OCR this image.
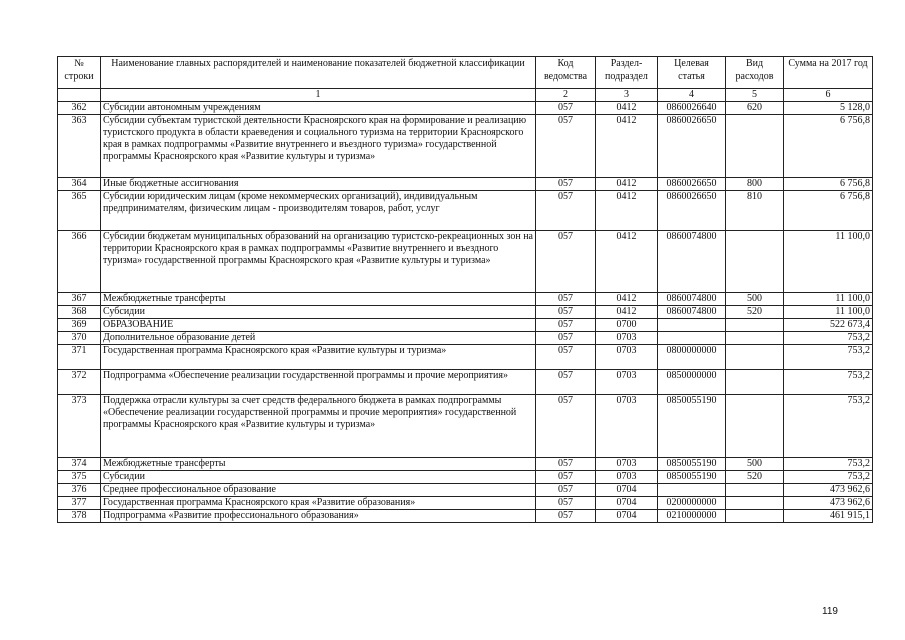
№ строки	Наименование главных распорядителей и наименование показателей бюджетной классификации	Код ведомства	Раздел- подраздел	Целевая статья	Вид расходов	Сумма на 2017 год
	1	2	3	4	5	6
362	Субсидии автономным учреждениям	057	0412	0860026640	620	5 128,0
363	Субсидии субъектам туристской деятельности Красноярского края на формирование и реализацию туристского продукта в области краеведения и социального туризма на территории Красноярского края в рамках подпрограммы «Развитие внутреннего и въездного туризма» государственной программы Красноярского края «Развитие культуры и туризма»	057	0412	0860026650		6 756,8
364	Иные бюджетные ассигнования	057	0412	0860026650	800	6 756,8
365	Субсидии юридическим лицам (кроме некоммерческих организаций), индивидуальным предпринимателям, физическим лицам - производителям товаров, работ, услуг	057	0412	0860026650	810	6 756,8
366	Субсидии бюджетам муниципальных образований на организацию туристско-рекреационных зон на территории Красноярского края в рамках подпрограммы «Развитие внутреннего и въездного туризма» государственной программы Красноярского края «Развитие культуры и туризма»	057	0412	0860074800		11 100,0
367	Межбюджетные трансферты	057	0412	0860074800	500	11 100,0
368	Субсидии	057	0412	0860074800	520	11 100,0
369	ОБРАЗОВАНИЕ	057	0700			522 673,4
370	Дополнительное образование детей	057	0703			753,2
371	Государственная программа Красноярского края «Развитие культуры и туризма»	057	0703	0800000000		753,2
372	Подпрограмма «Обеспечение реализации государственной программы и прочие мероприятия»	057	0703	0850000000		753,2
373	Поддержка отрасли культуры за счет средств федерального бюджета в рамках подпрограммы «Обеспечение реализации государственной программы и прочие мероприятия» государственной программы Красноярского края «Развитие культуры и туризма»	057	0703	0850055190		753,2
374	Межбюджетные трансферты	057	0703	0850055190	500	753,2
375	Субсидии	057	0703	0850055190	520	753,2
376	Среднее профессиональное образование	057	0704			473 962,6
377	Государственная программа Красноярского края «Развитие образования»	057	0704	0200000000		473 962,6
378	Подпрограмма «Развитие профессионального образования»	057	0704	0210000000		461 915,1
119
